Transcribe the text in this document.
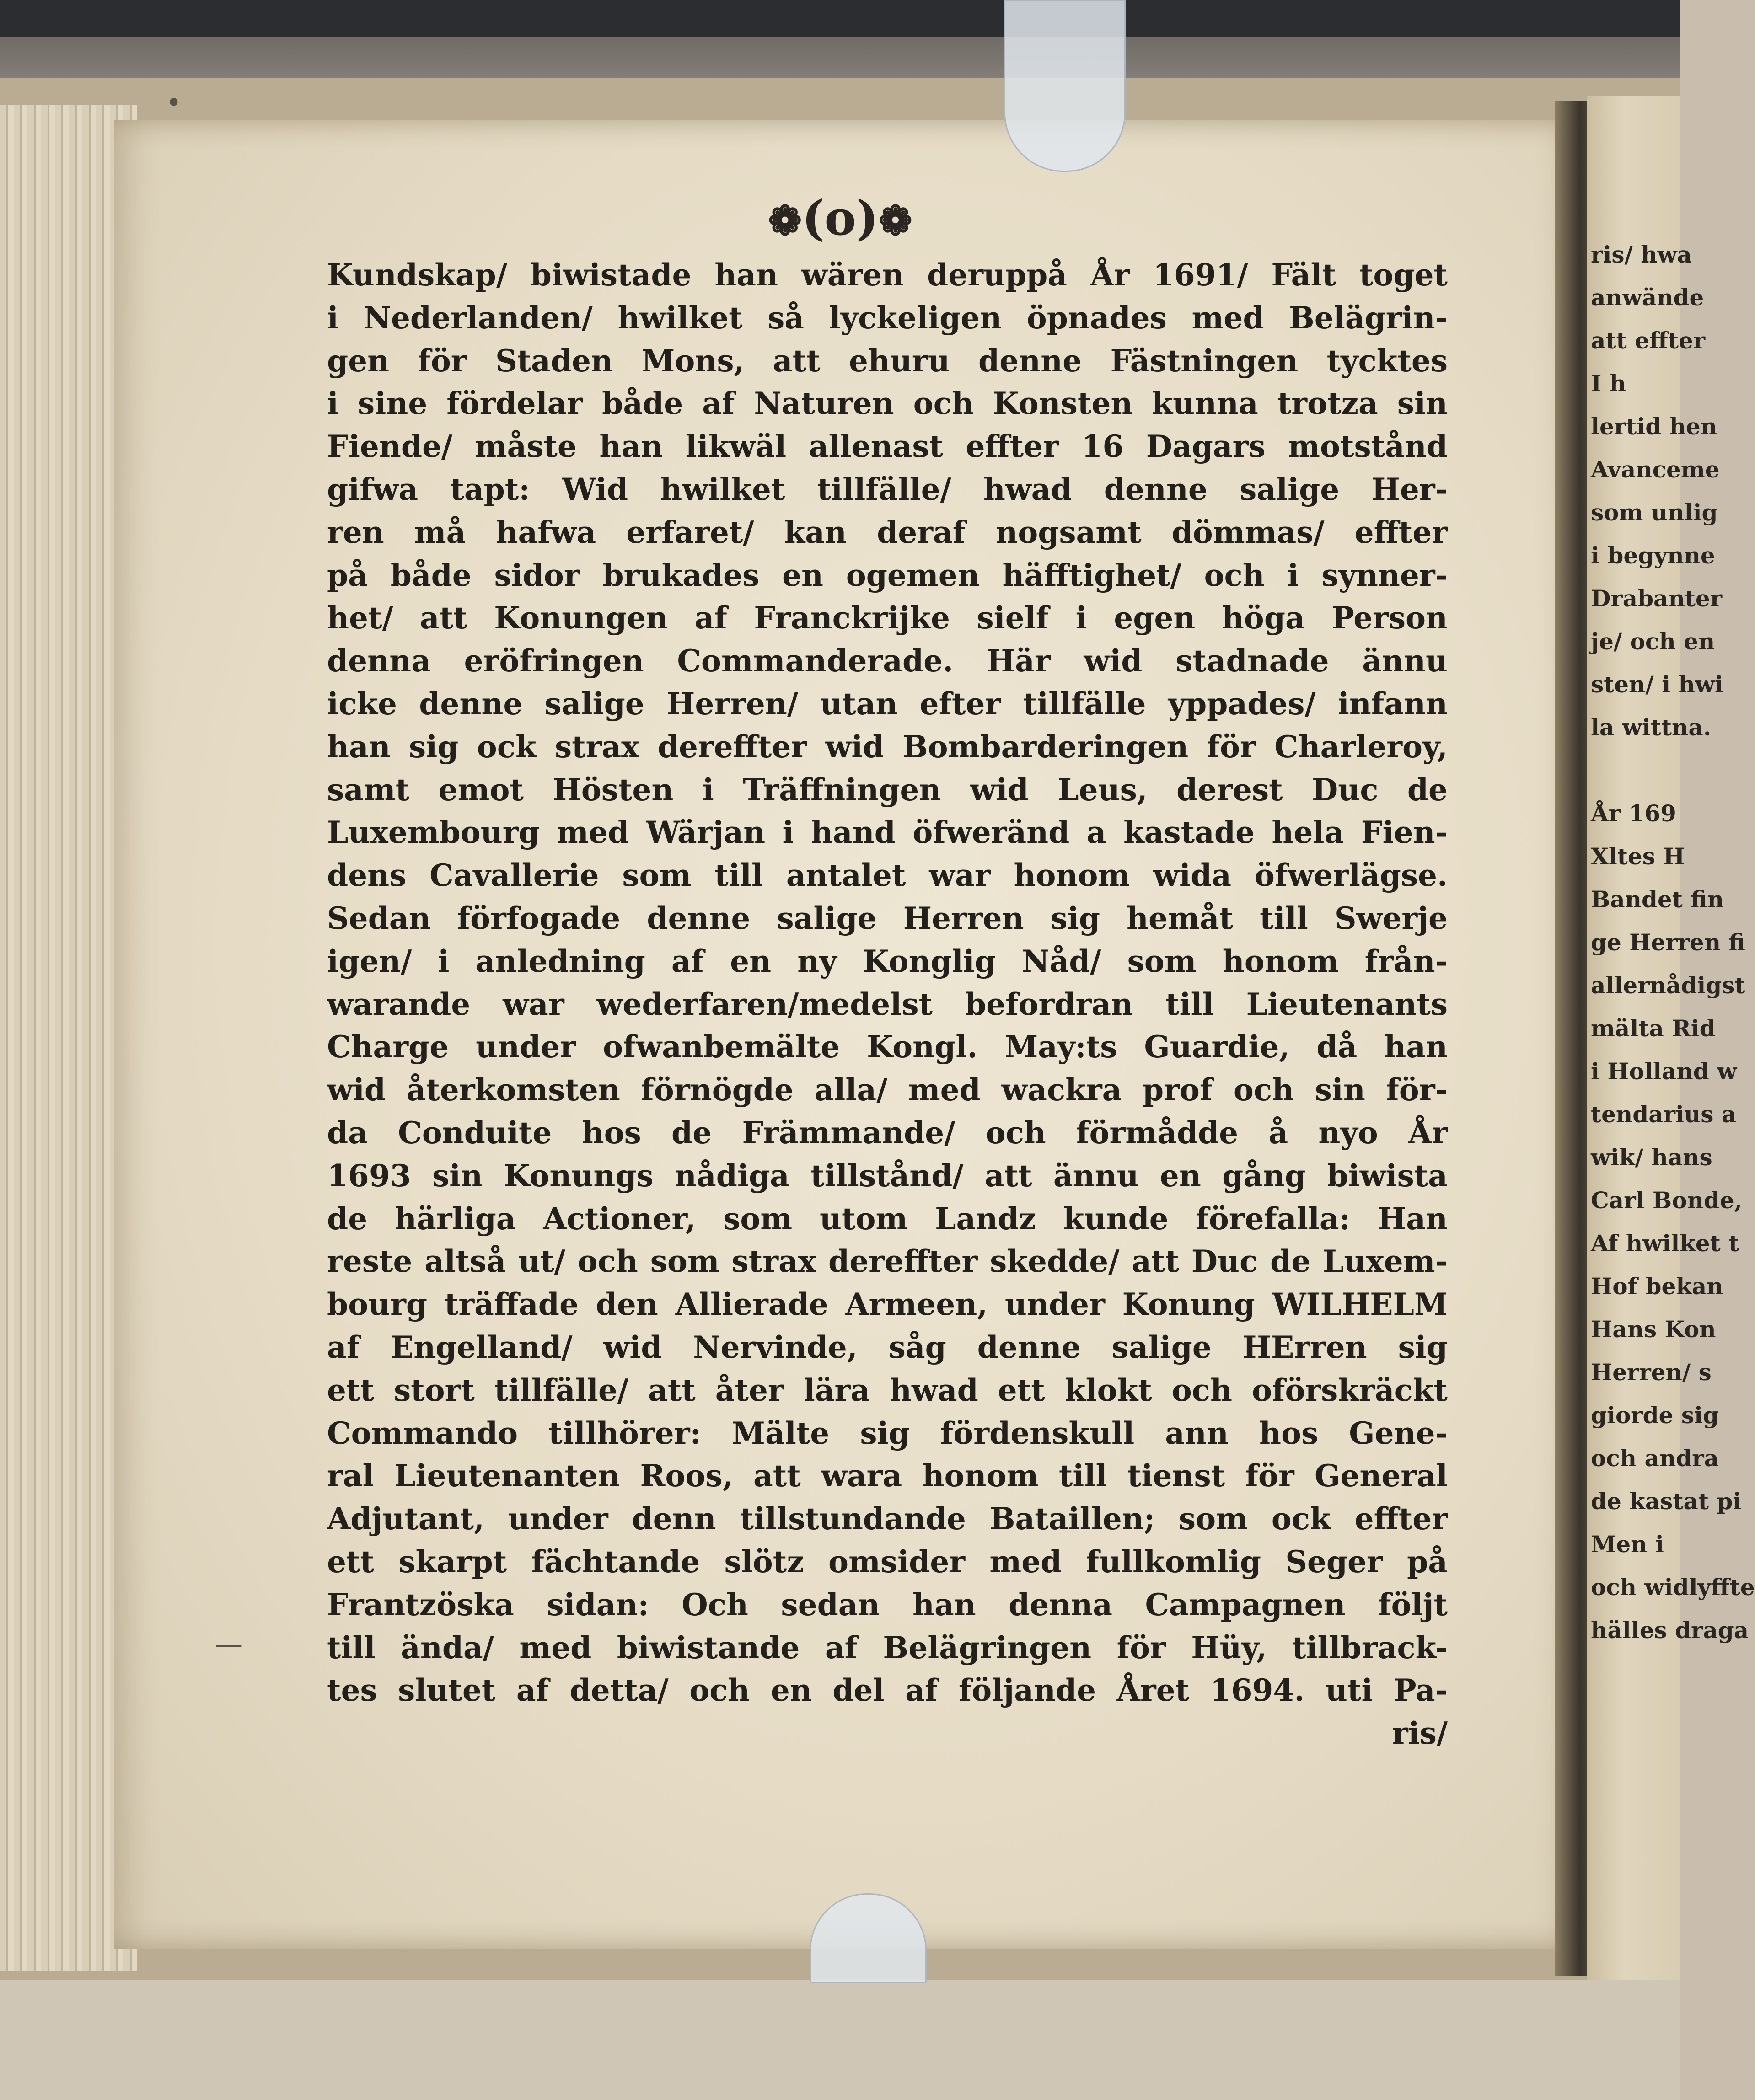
ris/ hwa
anwände
att effter
I h
lertid hen
Avanceme
som unlig
i begynne
Drabanter
je/ och en
sten/ i hwi
la wittna.

År 169
Xltes H
Bandet fin
ge Herren fi
allernådigst
mälta Rid
i Holland w
tendarius a
wik/ hans
Carl Bonde,
Af hwilket t
Hof bekan
Hans Kon
Herren/ s
giorde sig
och andra
de kastat pi
Men i
och widlyffte
hälles draga
❁(o)❁
Kundskap/ biwistade han wären deruppå År 1691/ Fält toget
i Nederlanden/ hwilket så lyckeligen öpnades med Belägrin-
gen för Staden Mons, att ehuru denne Fästningen tycktes
i sine fördelar både af Naturen och Konsten kunna trotza sin
Fiende/ måste han likwäl allenast effter 16 Dagars motstånd
gifwa tapt: Wid hwilket tillfälle/ hwad denne salige Her-
ren må hafwa erfaret/ kan deraf nogsamt dömmas/ effter
på både sidor brukades en ogemen häfftighet/ och i synner-
het/ att Konungen af Franckrijke sielf i egen höga Person
denna eröfringen Commanderade. Här wid stadnade ännu
icke denne salige Herren/ utan efter tillfälle yppades/ infann
han sig ock strax dereffter wid Bombarderingen för Charleroy,
samt emot Hösten i Träffningen wid Leus, derest Duc de
Luxembourg med Wärjan i hand öfweränd a kastade hela Fien-
dens Cavallerie som till antalet war honom wida öfwerlägse.
Sedan förfogade denne salige Herren sig hemåt till Swerje
igen/ i anledning af en ny Konglig Nåd/ som honom från-
warande war wederfaren/medelst befordran till Lieutenants
Charge under ofwanbemälte Kongl. May:ts Guardie, då han
wid återkomsten förnögde alla/ med wackra prof och sin för-
da Conduite hos de Främmande/ och förmådde å nyo År
1693 sin Konungs nådiga tillstånd/ att ännu en gång biwista
de härliga Actioner, som utom Landz kunde förefalla: Han
reste altså ut/ och som strax dereffter skedde/ att Duc de Luxem-
bourg träffade den Allierade Armeen, under Konung WILHELM
af Engelland/ wid Nervinde, såg denne salige HErren sig
ett stort tillfälle/ att åter lära hwad ett klokt och oförskräckt
Commando tillhörer: Mälte sig fördenskull ann hos Gene-
ral Lieutenanten Roos, att wara honom till tienst för General
Adjutant, under denn tillstundande Bataillen; som ock effter
ett skarpt fächtande slötz omsider med fullkomlig Seger på
Frantzöska sidan: Och sedan han denna Campagnen följt
till ända/ med biwistande af Belägringen för Hüy, tillbrack-
tes slutet af detta/ och en del af följande Året 1694. uti Pa-
ris/
•
—
